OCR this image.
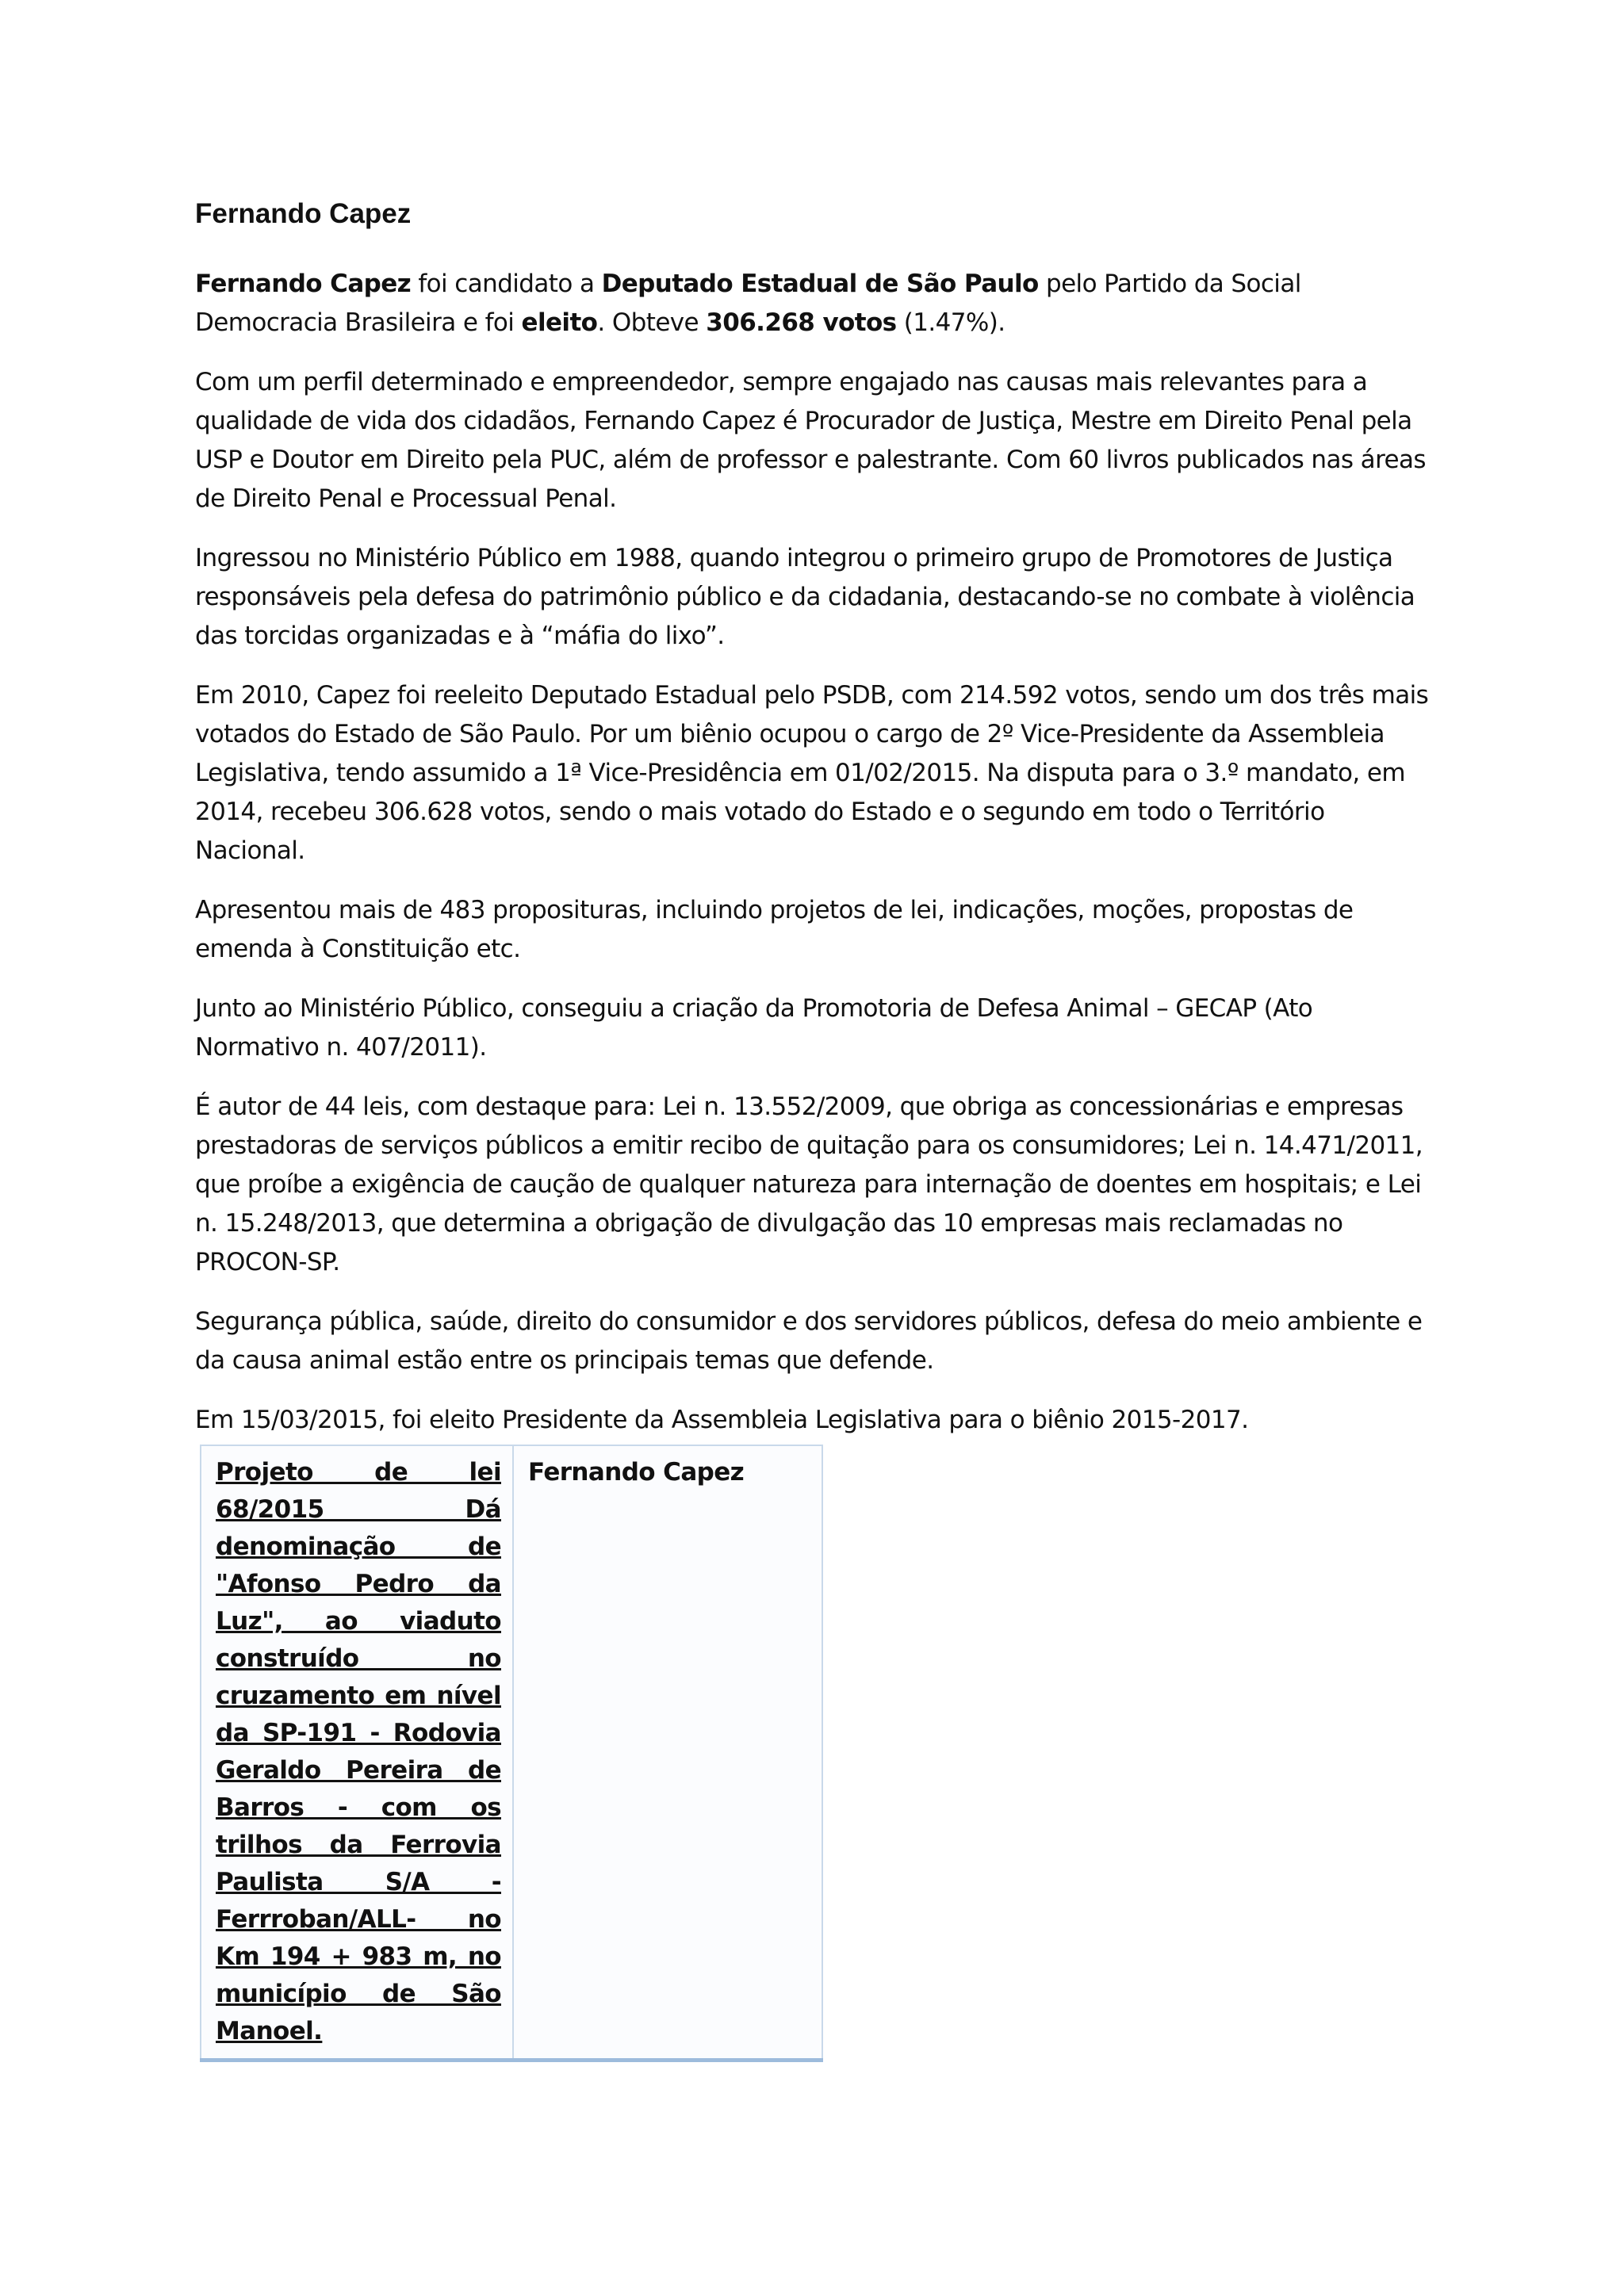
Fernando Capez

Fernando Capez foi candidato a Deputado Estadual de São Paulo pelo Partido da Social Democracia Brasileira e foi eleito. Obteve 306.268 votos (1.47%).

Com um perfil determinado e empreendedor, sempre engajado nas causas mais relevantes para a qualidade de vida dos cidadãos, Fernando Capez é Procurador de Justiça, Mestre em Direito Penal pela USP e Doutor em Direito pela PUC, além de professor e palestrante. Com 60 livros publicados nas áreas de Direito Penal e Processual Penal.

Ingressou no Ministério Público em 1988, quando integrou o primeiro grupo de Promotores de Justiça responsáveis pela defesa do patrimônio público e da cidadania, destacando-se no combate à violência das torcidas organizadas e à “máfia do lixo”.

Em 2010, Capez foi reeleito Deputado Estadual pelo PSDB, com 214.592 votos, sendo um dos três mais votados do Estado de São Paulo. Por um biênio ocupou o cargo de 2º Vice-Presidente da Assembleia Legislativa, tendo assumido a 1ª Vice-Presidência em 01/02/2015. Na disputa para o 3.º mandato, em 2014, recebeu 306.628 votos, sendo o mais votado do Estado e o segundo em todo o Território Nacional.

Apresentou mais de 483 proposituras, incluindo projetos de lei, indicações, moções, propostas de emenda à Constituição etc.

Junto ao Ministério Público, conseguiu a criação da Promotoria de Defesa Animal – GECAP (Ato Normativo n. 407/2011).

É autor de 44 leis, com destaque para: Lei n. 13.552/2009, que obriga as concessionárias e empresas prestadoras de serviços públicos a emitir recibo de quitação para os consumidores; Lei n. 14.471/2011, que proíbe a exigência de caução de qualquer natureza para internação de doentes em hospitais; e Lei n. 15.248/2013, que determina a obrigação de divulgação das 10 empresas mais reclamadas no PROCON-SP.

Segurança pública, saúde, direito do consumidor e dos servidores públicos, defesa do meio ambiente e da causa animal estão entre os principais temas que defende.

Em 15/03/2015, foi eleito Presidente da Assembleia Legislativa para o biênio 2015-2017.

Projeto de lei 68/2015 Dá denominação de "Afonso Pedro da Luz", ao viaduto construído no cruzamento em nível da SP-191 - Rodovia Geraldo Pereira de Barros - com os trilhos da Ferrovia Paulista S/A - Ferrroban/ALL- no Km 194 + 983 m, no município de São Manoel.	Fernando Capez
